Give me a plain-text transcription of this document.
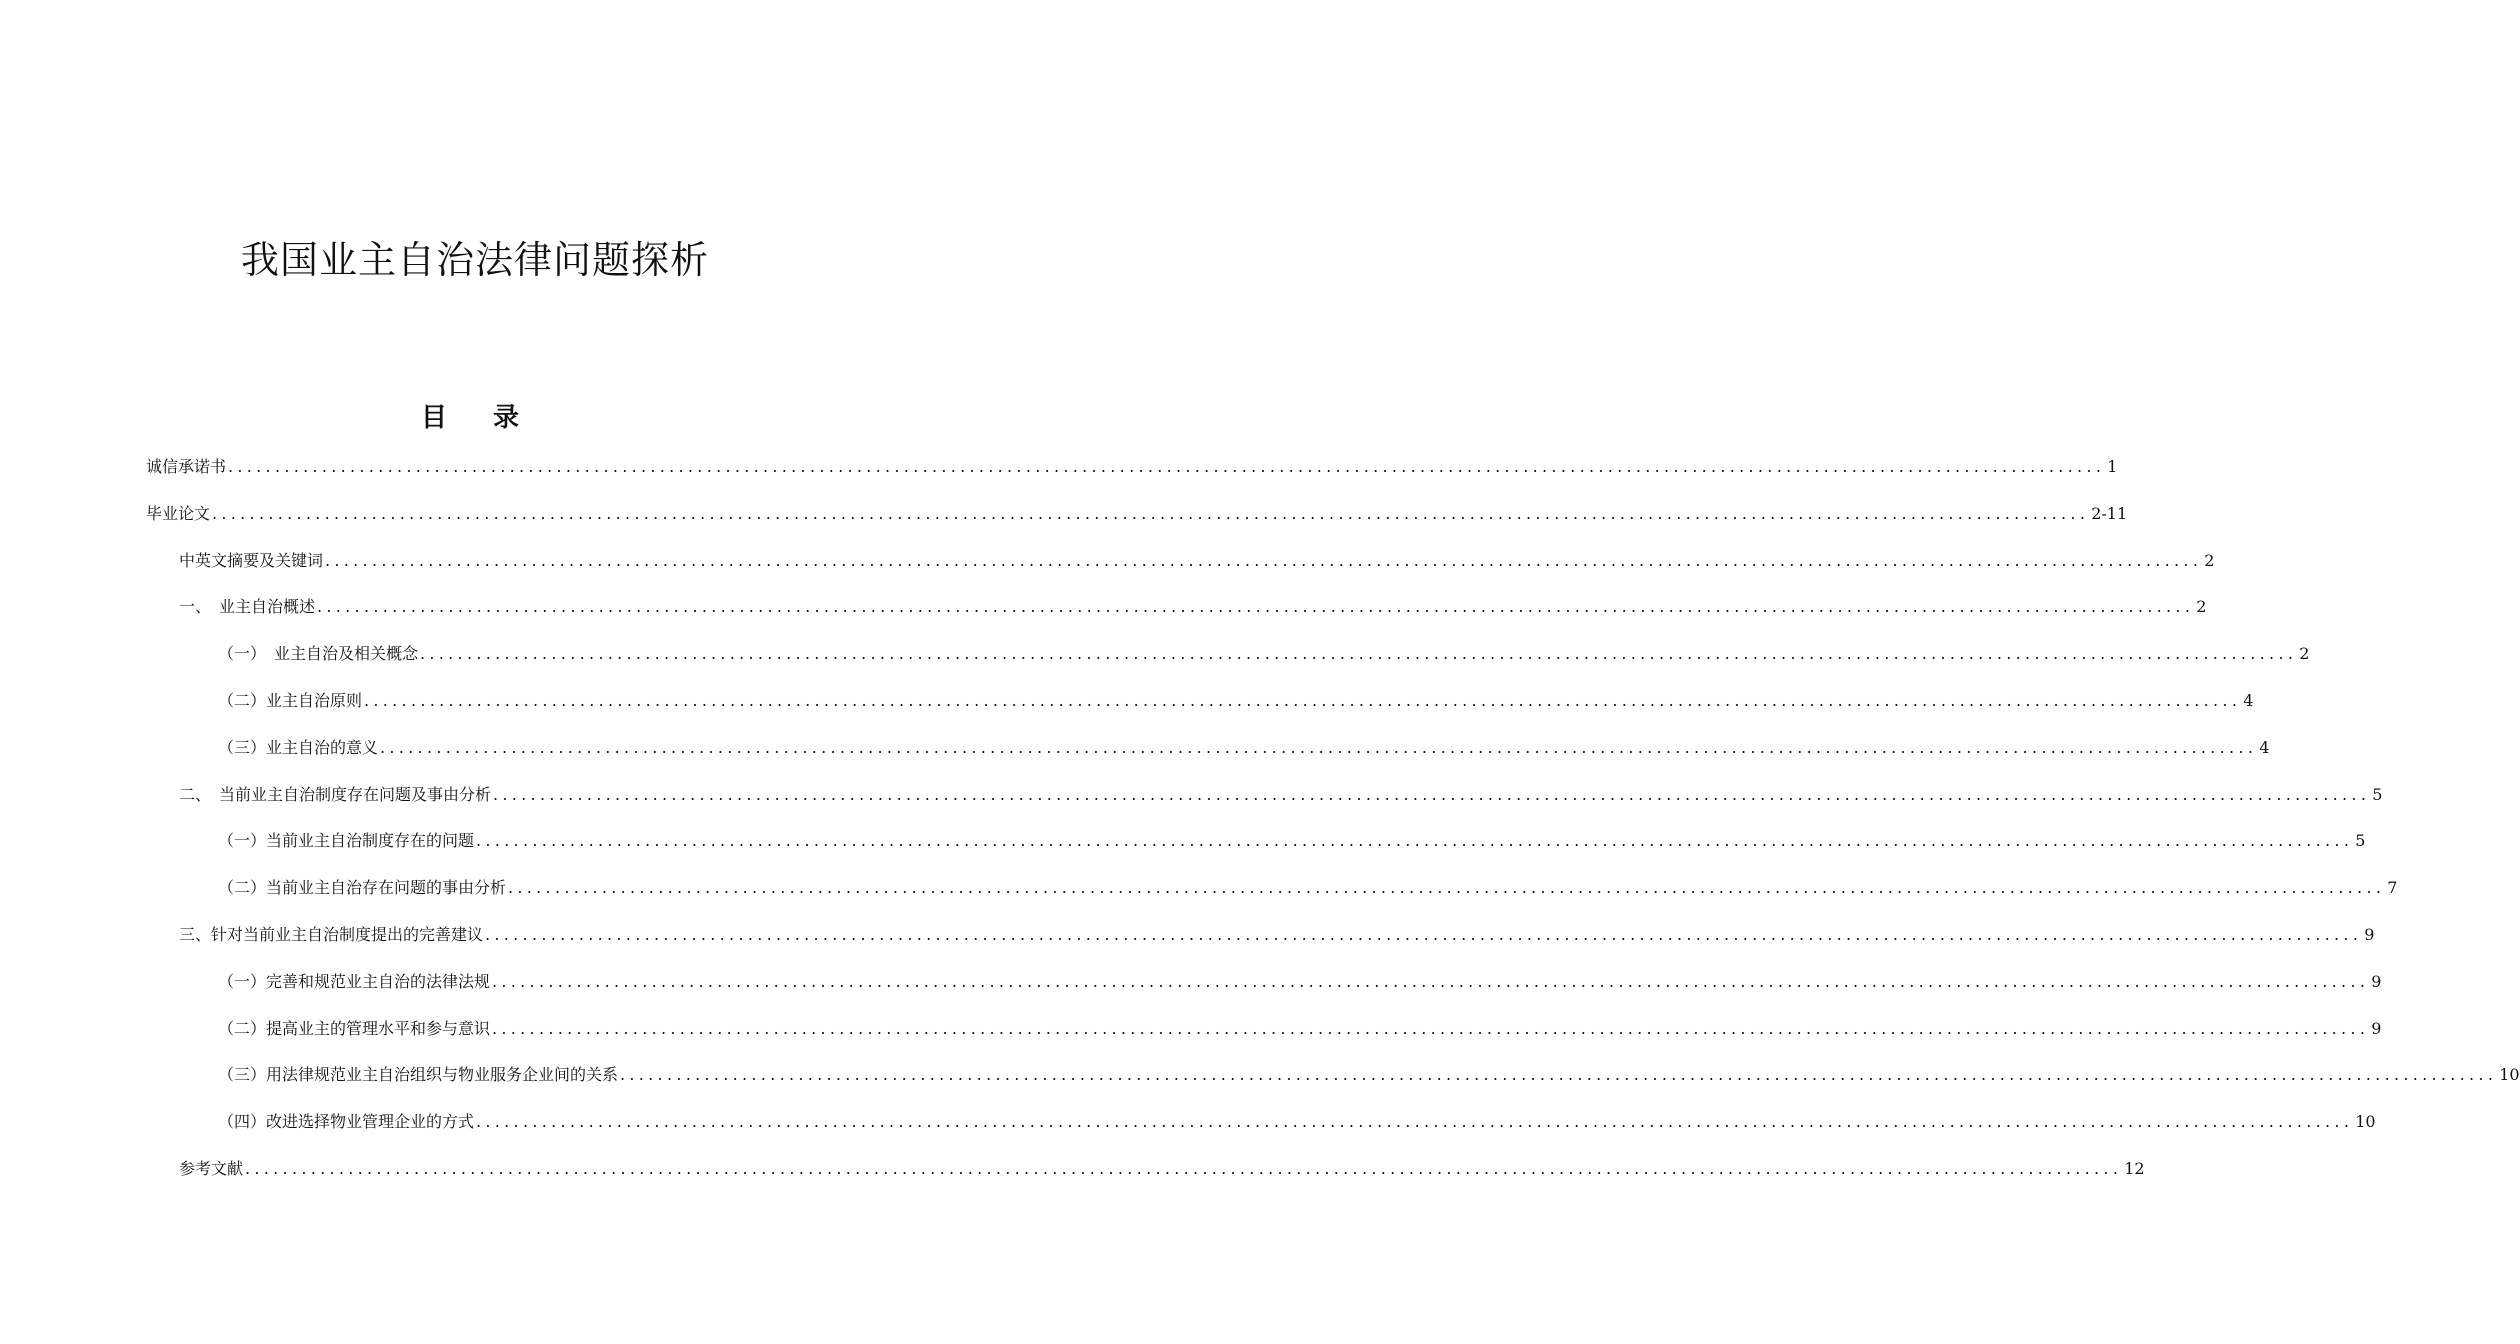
我国业主自治法律问题探析
目　录
诚信承诺书 ........................................................................................................................................................................................................ 1
毕业论文 ........................................................................................................................................................................................................ 2-11
中英文摘要及关键词 ........................................................................................................................................................................................................ 2
一、　业主自治概述 ........................................................................................................................................................................................................ 2
（一）　业主自治及相关概念 ........................................................................................................................................................................................................ 2
（二）业主自治原则 ........................................................................................................................................................................................................ 4
（三）业主自治的意义 ........................................................................................................................................................................................................ 4
二、　当前业主自治制度存在问题及事由分析 ........................................................................................................................................................................................................ 5
（一）当前业主自治制度存在的问题 ........................................................................................................................................................................................................ 5
（二）当前业主自治存在问题的事由分析 ........................................................................................................................................................................................................ 7
三、针对当前业主自治制度提出的完善建议 ........................................................................................................................................................................................................ 9
（一）完善和规范业主自治的法律法规 ........................................................................................................................................................................................................ 9
（二）提高业主的管理水平和参与意识 ........................................................................................................................................................................................................ 9
（三）用法律规范业主自治组织与物业服务企业间的关系 ........................................................................................................................................................................................................ 10
（四）改进选择物业管理企业的方式 ........................................................................................................................................................................................................ 10
参考文献 ........................................................................................................................................................................................................ 12
